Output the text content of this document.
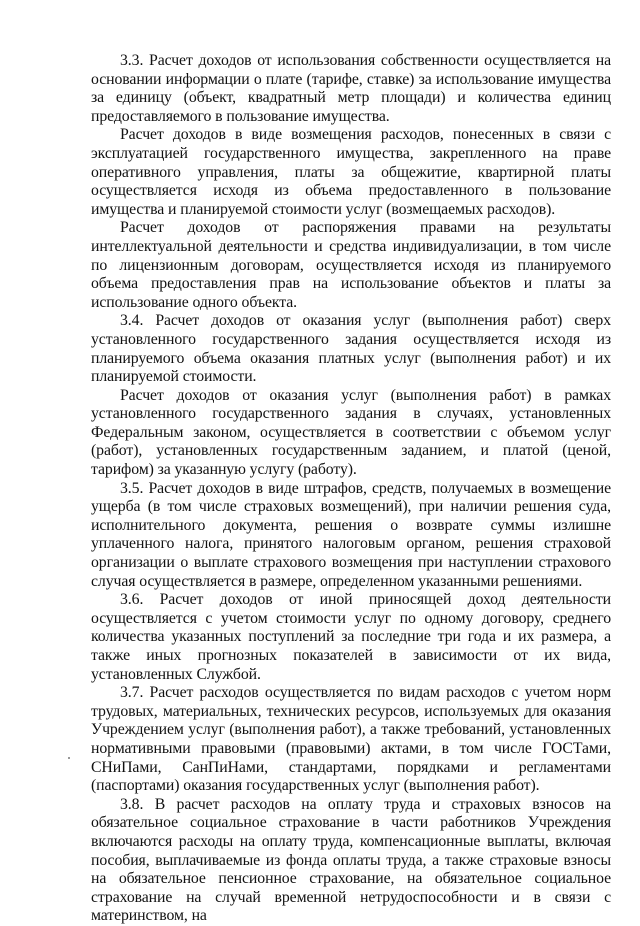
3.3. Расчет доходов от использования собственности осуществляется на основании информации о плате (тарифе, ставке) за использование имущества за единицу (объект, квадратный метр площади) и количества единиц предоставляемого в пользование имущества.

Расчет доходов в виде возмещения расходов, понесенных в связи с эксплуатацией государственного имущества, закрепленного на праве оперативного управления, платы за общежитие, квартирной платы осуществляется исходя из объема предоставленного в пользование имущества и планируемой стоимости услуг (возмещаемых расходов).

Расчет доходов от распоряжения правами на результаты интеллектуальной деятельности и средства индивидуализации, в том числе по лицензионным договорам, осуществляется исходя из планируемого объема предоставления прав на использование объектов и платы за использование одного объекта.

3.4. Расчет доходов от оказания услуг (выполнения работ) сверх установленного государственного задания осуществляется исходя из планируемого объема оказания платных услуг (выполнения работ) и их планируемой стоимости.

Расчет доходов от оказания услуг (выполнения работ) в рамках установленного государственного задания в случаях, установленных Федеральным законом, осуществляется в соответствии с объемом услуг (работ), установленных государственным заданием, и платой (ценой, тарифом) за указанную услугу (работу).

3.5. Расчет доходов в виде штрафов, средств, получаемых в возмещение ущерба (в том числе страховых возмещений), при наличии решения суда, исполнительного документа, решения о возврате суммы излишне уплаченного налога, принятого налоговым органом, решения страховой организации о выплате страхового возмещения при наступлении страхового случая осуществляется в размере, определенном указанными решениями.

3.6. Расчет доходов от иной приносящей доход деятельности осуществляется с учетом стоимости услуг по одному договору, среднего количества указанных поступлений за последние три года и их размера, а также иных прогнозных показателей в зависимости от их вида, установленных Службой.

3.7. Расчет расходов осуществляется по видам расходов с учетом норм трудовых, материальных, технических ресурсов, используемых для оказания Учреждением услуг (выполнения работ), а также требований, установленных нормативными правовыми (правовыми) актами, в том числе ГОСТами, СНиПами, СанПиНами, стандартами, порядками и регламентами (паспортами) оказания государственных услуг (выполнения работ).

3.8. В расчет расходов на оплату труда и страховых взносов на обязательное социальное страхование в части работников Учреждения включаются расходы на оплату труда, компенсационные выплаты, включая пособия, выплачиваемые из фонда оплаты труда, а также страховые взносы на обязательное пенсионное страхование, на обязательное социальное страхование на случай временной нетрудоспособности и в связи с материнством, на
